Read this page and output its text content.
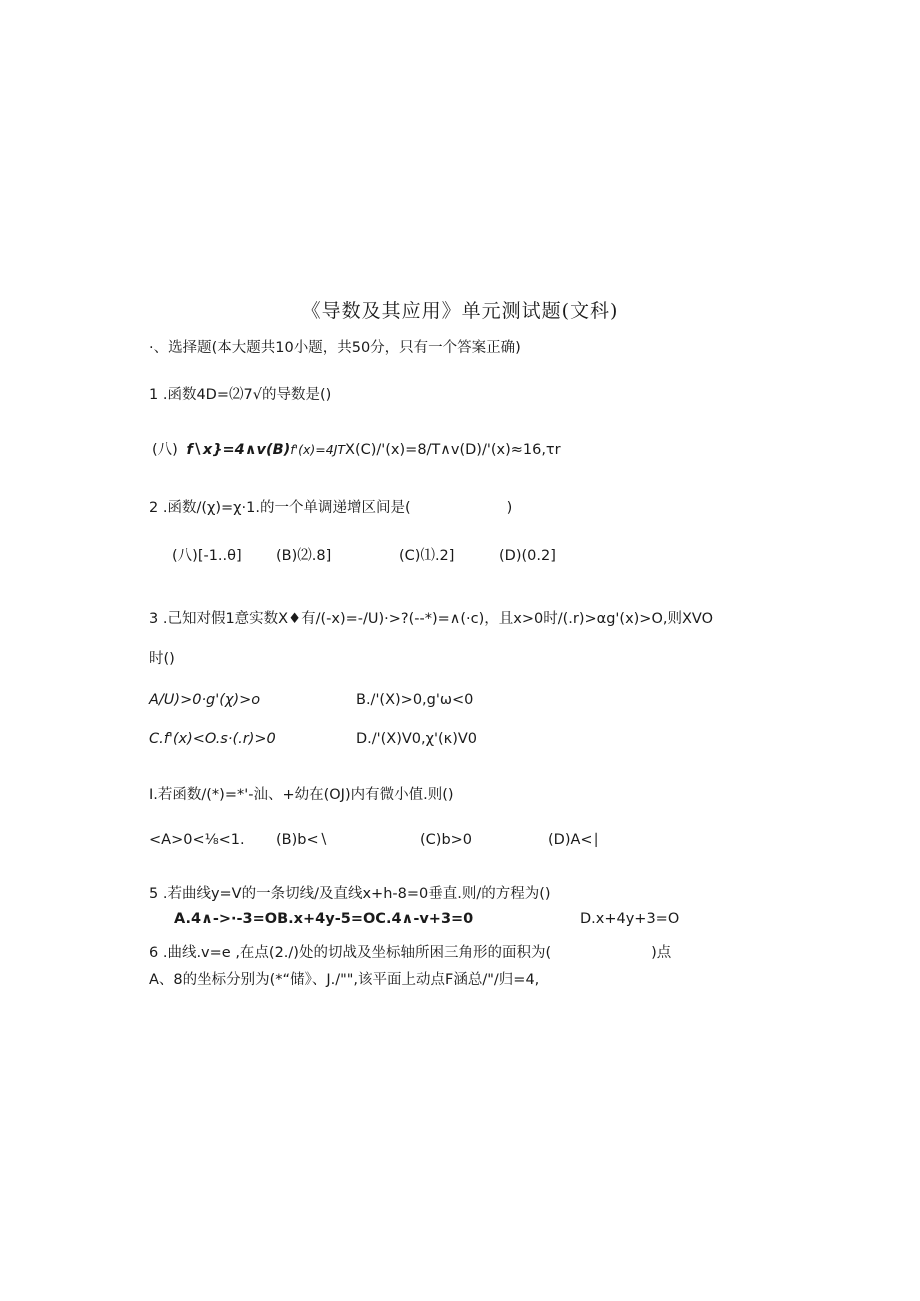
《导数及其应用》单元测试题(文科)
·、选择题(本大题共10小题，共50分，只有一个答案正确)
1 .函数4D=⑵7√的导数是()
(八) f∖x}=4∧v(B)f'(x)=4JTX(C)/'(x)=8/T∧v(D)/'(x)≈16,τr
2 .函数/(χ)=χ·1.的一个单调递增区间是(	)
(八)[-1..θ] (B)⑵.8]	(C)⑴.2]	(D)(0.2]
3 .己知对假1意实数X♦有/(-x)=-∕U)·>?(--*)=∧(·c)，且x>0时/(.r)>αg'(x)>O,则XVO
时()
A∕U)>0·g'(χ)>o	B./'(X)>0,g'ω<0
C.f'(x)<O.s·(.r)>0	D./'(X)V0,χ'(κ)V0
I.若函数/(*)=*'-汕、+幼在(OJ)内有微小值.则()
<A>0<⅛<1. (B)b<∖	(C)b>0	(D)A<∣
5 .若曲线y=V的一条切线/及直线x+h-8=0垂直.则/的方程为()
A.4∧->·-3=OB.x+4y-5=OC.4∧-v+3=0	D.x+4y+3=O
6 .曲线.v=e ,在点(2./)处的切战及坐标轴所困三角形的面积为(	)点
A、8的坐标分别为(*“储》、J./"",该平面上动点F涵总/"/归=4,
